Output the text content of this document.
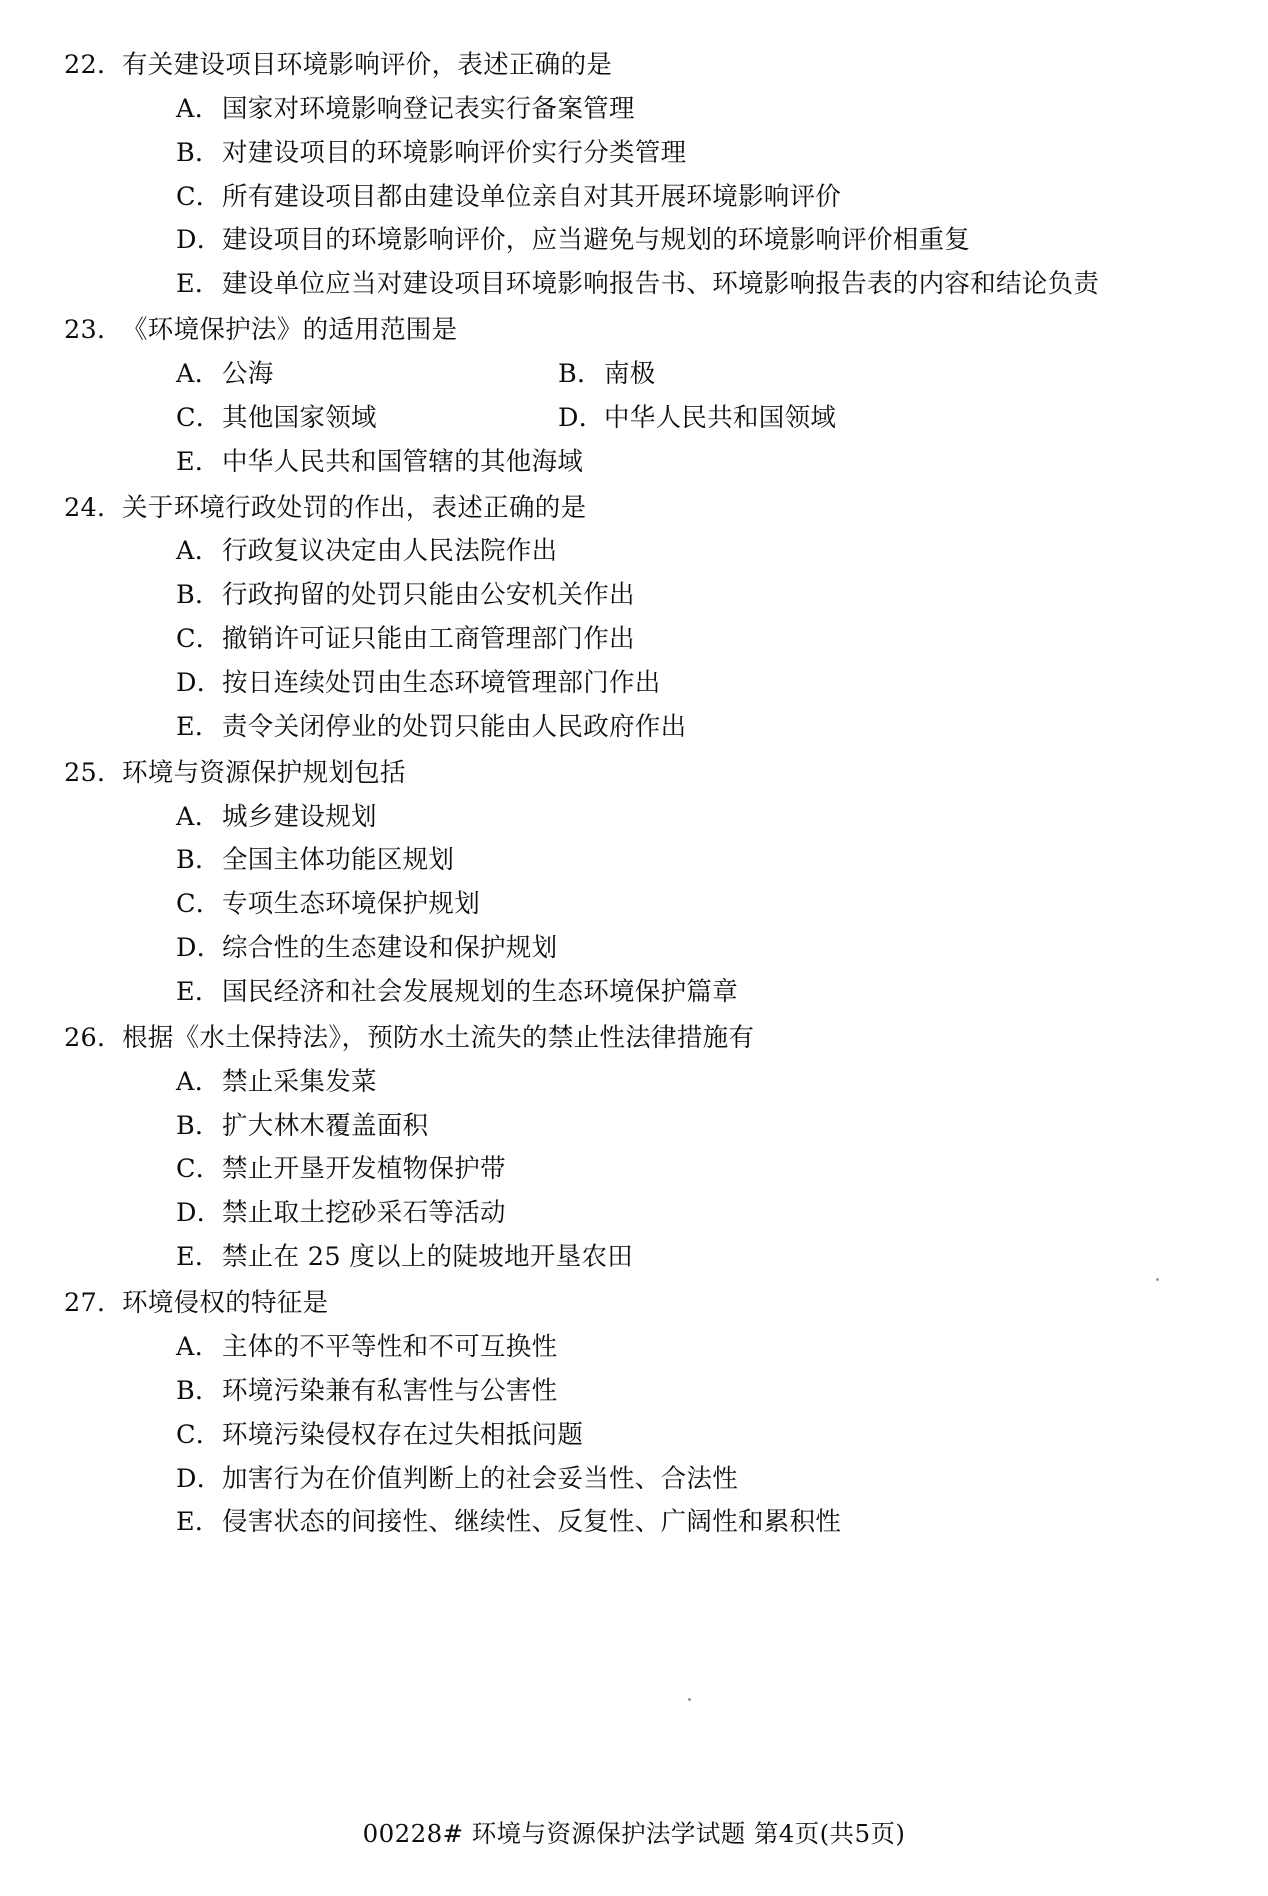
22． 有关建设项目环境影响评价，表述正确的是
A． 国家对环境影响登记表实行备案管理
B． 对建设项目的环境影响评价实行分类管理
C． 所有建设项目都由建设单位亲自对其开展环境影响评价
D． 建设项目的环境影响评价，应当避免与规划的环境影响评价相重复
E． 建设单位应当对建设项目环境影响报告书、环境影响报告表的内容和结论负责
23． 《环境保护法》的适用范围是
A． 公海	B． 南极
C． 其他国家领域	D． 中华人民共和国领域
E． 中华人民共和国管辖的其他海域
24． 关于环境行政处罚的作出，表述正确的是
A． 行政复议决定由人民法院作出
B． 行政拘留的处罚只能由公安机关作出
C． 撤销许可证只能由工商管理部门作出
D． 按日连续处罚由生态环境管理部门作出
E． 责令关闭停业的处罚只能由人民政府作出
25． 环境与资源保护规划包括
A． 城乡建设规划
B． 全国主体功能区规划
C． 专项生态环境保护规划
D． 综合性的生态建设和保护规划
E． 国民经济和社会发展规划的生态环境保护篇章
26． 根据《水土保持法》，预防水土流失的禁止性法律措施有
A． 禁止采集发菜
B． 扩大林木覆盖面积
C． 禁止开垦开发植物保护带
D． 禁止取土挖砂采石等活动
E． 禁止在 25 度以上的陡坡地开垦农田
27． 环境侵权的特征是
A． 主体的不平等性和不可互换性
B． 环境污染兼有私害性与公害性
C． 环境污染侵权存在过失相抵问题
D． 加害行为在价值判断上的社会妥当性、合法性
E． 侵害状态的间接性、继续性、反复性、广阔性和累积性
00228# 环境与资源保护法学试题 第4页(共5页)
